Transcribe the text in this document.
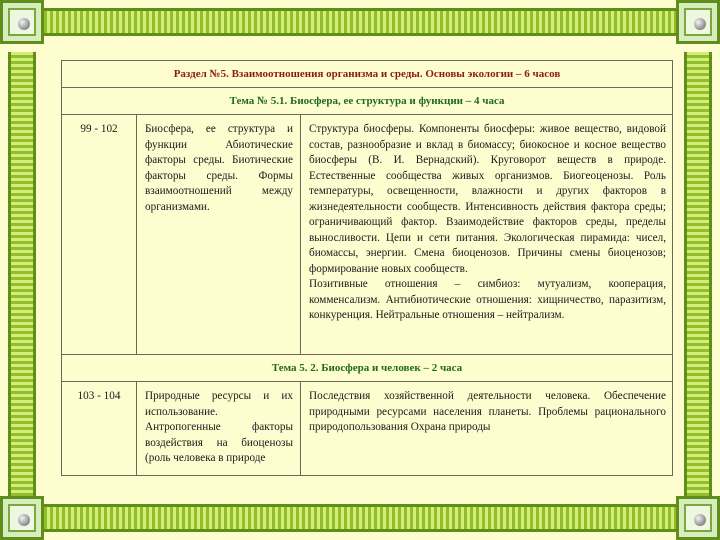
Раздел №5. Взаимоотношения организма и среды. Основы экологии – 6 часов		
Тема № 5.1. Биосфера, ее структура и функции – 4 часа		
99 - 102	Биосфера, ее структура и функции Абиотические факторы среды. Биотические факторы среды. Формы взаимоотношений между организмами.	Структура биосферы. Компоненты биосферы: живое вещество, видовой состав, разнообразие и вклад в биомассу; биокосное и косное вещество биосферы (В. И. Вернадский). Круговорот веществ в природе. Естественные сообщества живых организмов. Биогеоценозы. Роль температуры, освещенности, влажности и других факторов в жизнедеятельности сообществ. Интенсивность действия фактора среды; ограничивающий фактор. Взаимодействие факторов среды, пределы выносливости. Цепи и сети питания. Экологическая пирамида: чисел, биомассы, энергии. Смена биоценозов. Причины смены биоценозов; формирование новых сообществ.

Позитивные отношения – симбиоз: мутуализм, кооперация, комменсализм. Антибиотические отношения: хищничество, паразитизм, конкуренция. Нейтральные отношения – нейтрализм.

Тема 5. 2. Биосфера и человек – 2 часа		
103 - 104	Природные ресурсы и их использование.

Антропогенные факторы воздействия на биоценозы (роль человека в природе	Последствия хозяйственной деятельности человека. Обеспечение природными ресурсами населения планеты. Проблемы рационального природопользования Охрана природы
